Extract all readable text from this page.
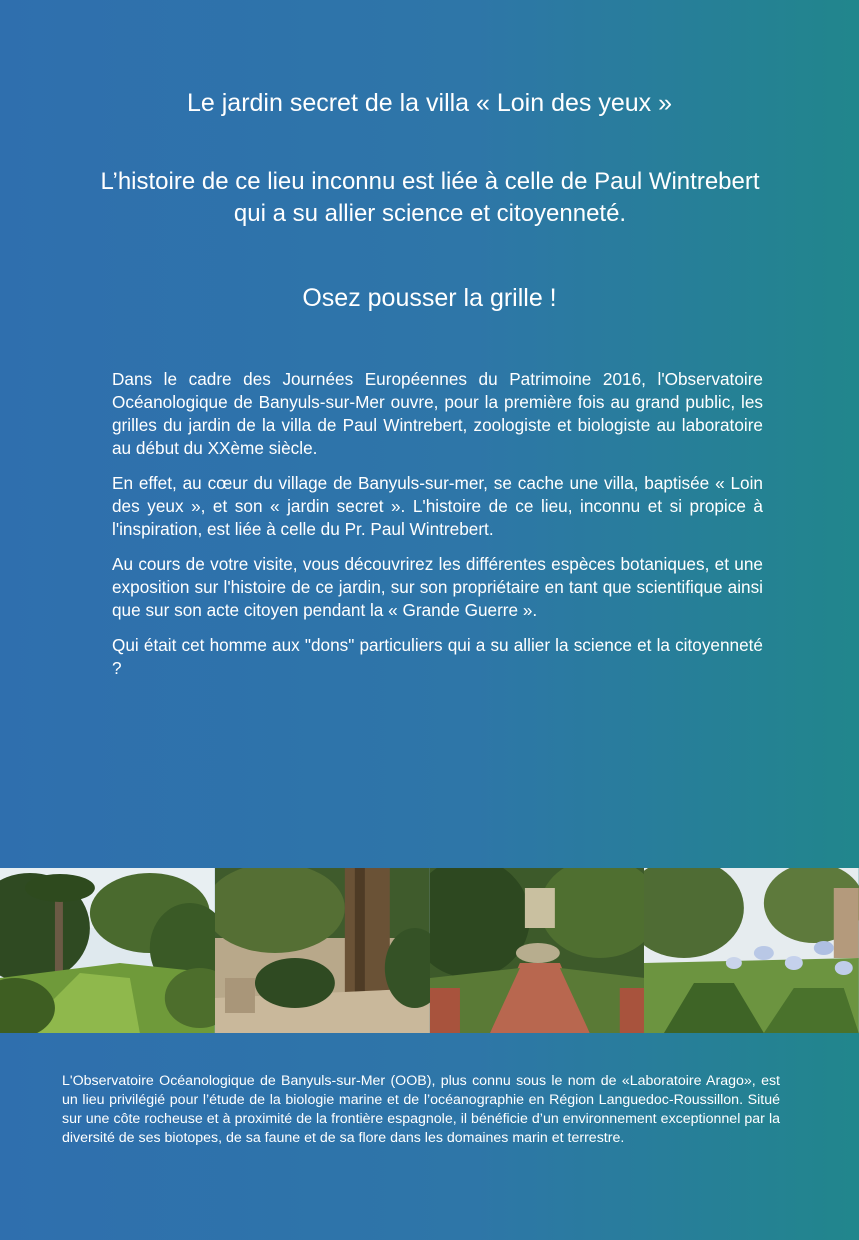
Le jardin secret de la villa « Loin des yeux »
L’histoire de ce lieu inconnu est liée à celle de Paul Wintrebert qui a su allier science et citoyenneté.
Osez pousser la grille !

Dans le cadre des Journées Européennes du Patrimoine 2016, l'Observatoire Océanologique de Banyuls-sur-Mer ouvre, pour la première fois au grand public, les grilles du jardin de la villa de Paul Wintrebert, zoologiste et biologiste au laboratoire au début du XXème siècle.

En effet, au cœur du village de Banyuls-sur-mer, se cache une villa, baptisée « Loin des yeux », et son « jardin secret ». L'histoire de ce lieu, inconnu et si propice à l'inspiration, est liée à celle du Pr. Paul Wintrebert.

Au cours de votre visite, vous découvrirez les différentes espèces botaniques, et une exposition sur l'histoire de ce jardin, sur son propriétaire en tant que scientifique ainsi que sur son acte citoyen pendant la « Grande Guerre ».

Qui était cet homme aux "dons" particuliers qui a su allier la science et la citoyenneté ?

L'Observatoire Océanologique de Banyuls-sur-Mer (OOB), plus connu sous le nom de «Laboratoire Arago», est un lieu privilégié pour l’étude de la biologie marine et de l’océanographie en Région Languedoc-Roussillon. Situé sur une côte rocheuse et à proximité de la frontière espagnole, il bénéficie d’un environnement exceptionnel par la diversité de ses biotopes, de sa faune et de sa flore dans les domaines marin et terrestre.
